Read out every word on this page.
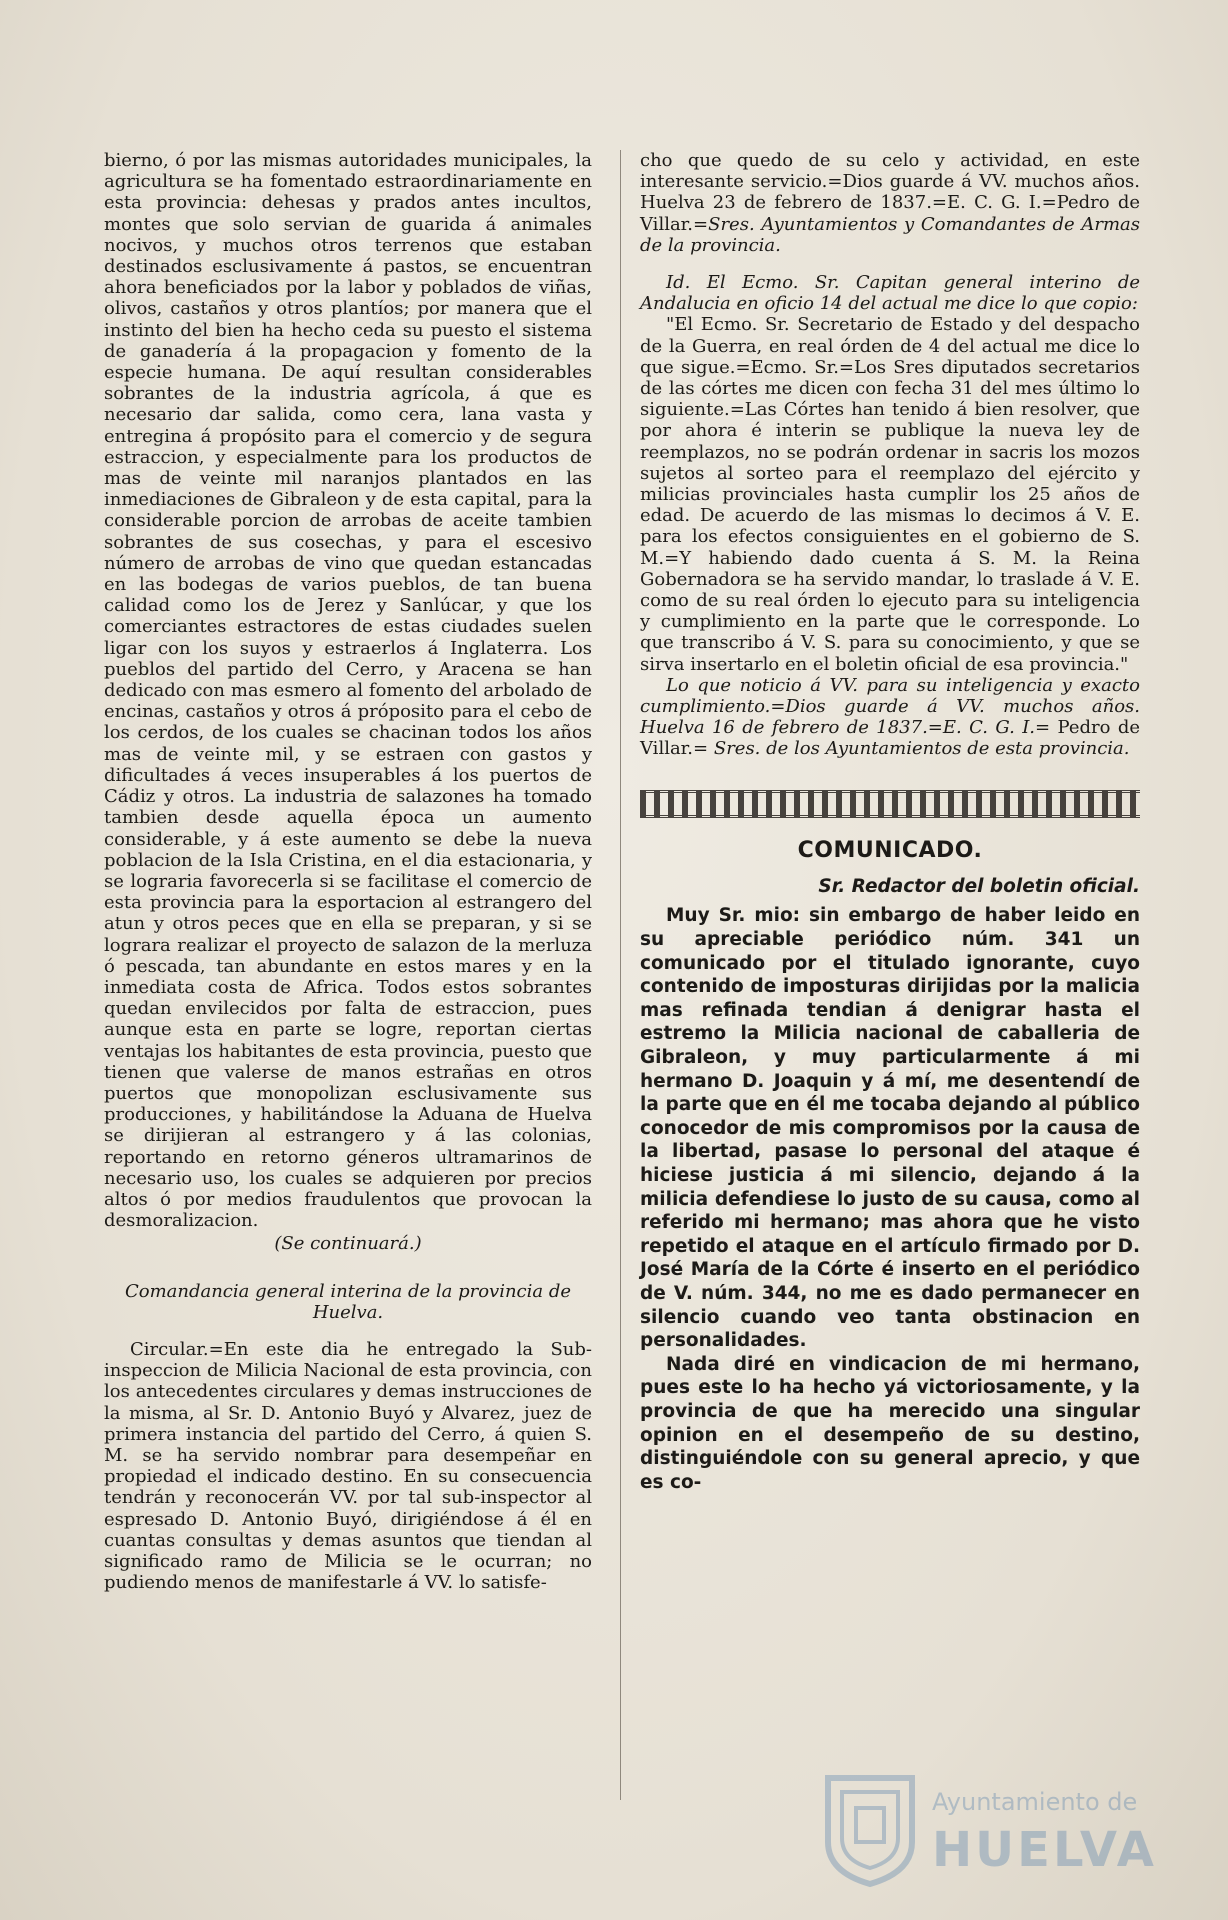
bierno, ó por las mismas autoridades municipales, la agricultura se ha fomentado estraordinariamente en esta provincia: dehesas y prados antes incultos, montes que solo servian de guarida á animales nocivos, y muchos otros terrenos que estaban destinados esclusivamente á pastos, se encuentran ahora beneficiados por la labor y poblados de viñas, olivos, castaños y otros plantíos; por manera que el instinto del bien ha hecho ceda su puesto el sistema de ganadería á la propagacion y fomento de la especie humana. De aquí resultan considerables sobrantes de la industria agrícola, á que es necesario dar salida, como cera, lana vasta y entregina á propósito para el comercio y de segura estraccion, y especialmente para los productos de mas de veinte mil naranjos plantados en las inmediaciones de Gibraleon y de esta capital, para la considerable porcion de arrobas de aceite tambien sobrantes de sus cosechas, y para el escesivo número de arrobas de vino que quedan estancadas en las bodegas de varios pueblos, de tan buena calidad como los de Jerez y Sanlúcar, y que los comerciantes estractores de estas ciudades suelen ligar con los suyos y estraerlos á Inglaterra. Los pueblos del partido del Cerro, y Aracena se han dedicado con mas esmero al fomento del arbolado de encinas, castaños y otros á próposito para el cebo de los cerdos, de los cuales se chacinan todos los años mas de veinte mil, y se estraen con gastos y dificultades á veces insuperables á los puertos de Cádiz y otros. La industria de salazones ha tomado tambien desde aquella época un aumento considerable, y á este aumento se debe la nueva poblacion de la Isla Cristina, en el dia estacionaria, y se lograria favorecerla si se facilitase el comercio de esta provincia para la esportacion al estrangero del atun y otros peces que en ella se preparan, y si se lograra realizar el proyecto de salazon de la merluza ó pescada, tan abundante en estos mares y en la inmediata costa de Africa. Todos estos sobrantes quedan envilecidos por falta de estraccion, pues aunque esta en parte se logre, reportan ciertas ventajas los habitantes de esta provincia, puesto que tienen que valerse de manos estrañas en otros puertos que monopolizan esclusivamente sus producciones, y habilitándose la Aduana de Huelva se dirijieran al estrangero y á las colonias, reportando en retorno géneros ultramarinos de necesario uso, los cuales se adquieren por precios altos ó por medios fraudulentos que provocan la desmoralizacion.

(Se continuará.)

Comandancia general interina de la provincia de Huelva.

Circular.=En este dia he entregado la Sub-inspeccion de Milicia Nacional de esta provincia, con los antecedentes circulares y demas instrucciones de la misma, al Sr. D. Antonio Buyó y Alvarez, juez de primera instancia del partido del Cerro, á quien S. M. se ha servido nombrar para desempeñar en propiedad el indicado destino. En su consecuencia tendrán y reconocerán VV. por tal sub-inspector al espresado D. Antonio Buyó, dirigiéndose á él en cuantas consultas y demas asuntos que tiendan al significado ramo de Milicia se le ocurran; no pudiendo menos de manifestarle á VV. lo satisfe-

cho que quedo de su celo y actividad, en este interesante servicio.=Dios guarde á VV. muchos años. Huelva 23 de febrero de 1837.=E. C. G. I.=Pedro de Villar.=Sres. Ayuntamientos y Comandantes de Armas de la provincia.

Id. El Ecmo. Sr. Capitan general interino de Andalucia en oficio 14 del actual me dice lo que copio:

"El Ecmo. Sr. Secretario de Estado y del despacho de la Guerra, en real órden de 4 del actual me dice lo que sigue.=Ecmo. Sr.=Los Sres diputados secretarios de las córtes me dicen con fecha 31 del mes último lo siguiente.=Las Córtes han tenido á bien resolver, que por ahora é interin se publique la nueva ley de reemplazos, no se podrán ordenar in sacris los mozos sujetos al sorteo para el reemplazo del ejército y milicias provinciales hasta cumplir los 25 años de edad. De acuerdo de las mismas lo decimos á V. E. para los efectos consiguientes en el gobierno de S. M.=Y habiendo dado cuenta á S. M. la Reina Gobernadora se ha servido mandar, lo traslade á V. E. como de su real órden lo ejecuto para su inteligencia y cumplimiento en la parte que le corresponde. Lo que transcribo á V. S. para su conocimiento, y que se sirva insertarlo en el boletin oficial de esa provincia."

Lo que noticio á VV. para su inteligencia y exacto cumplimiento.=Dios guarde á VV. muchos años. Huelva 16 de febrero de 1837.=E. C. G. I.= Pedro de Villar.= Sres. de los Ayuntamientos de esta provincia.

COMUNICADO.

Sr. Redactor del boletin oficial.

Muy Sr. mio: sin embargo de haber leido en su apreciable periódico núm. 341 un comunicado por el titulado ignorante, cuyo contenido de imposturas dirijidas por la malicia mas refinada tendian á denigrar hasta el estremo la Milicia nacional de caballeria de Gibraleon, y muy particularmente á mi hermano D. Joaquin y á mí, me desentendí de la parte que en él me tocaba dejando al público conocedor de mis compromisos por la causa de la libertad, pasase lo personal del ataque é hiciese justicia á mi silencio, dejando á la milicia defendiese lo justo de su causa, como al referido mi hermano; mas ahora que he visto repetido el ataque en el artículo firmado por D. José María de la Córte é inserto en el periódico de V. núm. 344, no me es dado permanecer en silencio cuando veo tanta obstinacion en personalidades.

Nada diré en vindicacion de mi hermano, pues este lo ha hecho yá victoriosamente, y la provincia de que ha merecido una singular opinion en el desempeño de su destino, distinguiéndole con su general aprecio, y que es co-

Ayuntamiento de
HUELVA
